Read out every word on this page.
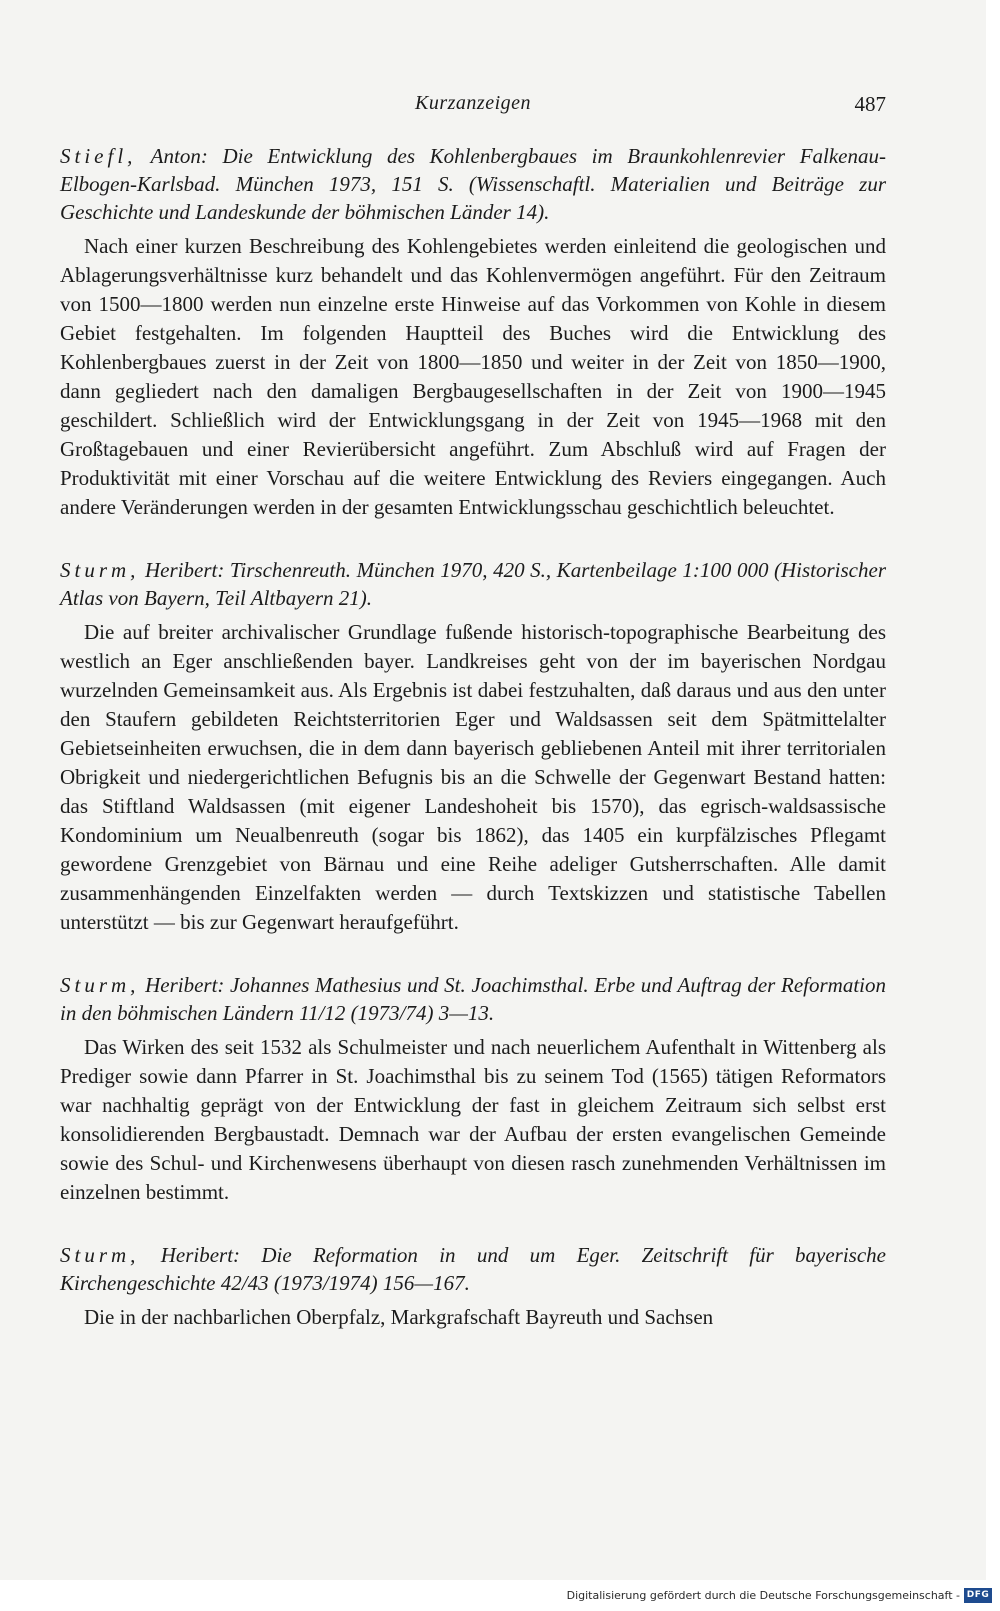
Kurzanzeigen	487

Stiefl, Anton: Die Entwicklung des Kohlenbergbaues im Braunkohlenrevier Falkenau-Elbogen-Karlsbad. München 1973, 151 S. (Wissenschaftl. Materialien und Beiträge zur Geschichte und Landeskunde der böhmischen Länder 14).

Nach einer kurzen Beschreibung des Kohlengebietes werden einleitend die geologischen und Ablagerungsverhältnisse kurz behandelt und das Kohlenvermögen angeführt. Für den Zeitraum von 1500—1800 werden nun einzelne erste Hinweise auf das Vorkommen von Kohle in diesem Gebiet festgehalten. Im folgenden Hauptteil des Buches wird die Entwicklung des Kohlenbergbaues zuerst in der Zeit von 1800—1850 und weiter in der Zeit von 1850—1900, dann gegliedert nach den damaligen Bergbaugesellschaften in der Zeit von 1900—1945 geschildert. Schließlich wird der Entwicklungsgang in der Zeit von 1945—1968 mit den Großtagebauen und einer Revierübersicht angeführt. Zum Abschluß wird auf Fragen der Produktivität mit einer Vorschau auf die weitere Entwicklung des Reviers eingegangen. Auch andere Veränderungen werden in der gesamten Entwicklungsschau geschichtlich beleuchtet.

Sturm, Heribert: Tirschenreuth. München 1970, 420 S., Kartenbeilage 1:100 000 (Historischer Atlas von Bayern, Teil Altbayern 21).

Die auf breiter archivalischer Grundlage fußende historisch-topographische Bearbeitung des westlich an Eger anschließenden bayer. Landkreises geht von der im bayerischen Nordgau wurzelnden Gemeinsamkeit aus. Als Ergebnis ist dabei festzuhalten, daß daraus und aus den unter den Staufern gebildeten Reichtsterritorien Eger und Waldsassen seit dem Spätmittelalter Gebietseinheiten erwuchsen, die in dem dann bayerisch gebliebenen Anteil mit ihrer territorialen Obrigkeit und niedergerichtlichen Befugnis bis an die Schwelle der Gegenwart Bestand hatten: das Stiftland Waldsassen (mit eigener Landeshoheit bis 1570), das egrisch-waldsassische Kondominium um Neualbenreuth (sogar bis 1862), das 1405 ein kurpfälzisches Pflegamt gewordene Grenzgebiet von Bärnau und eine Reihe adeliger Gutsherrschaften. Alle damit zusammenhängenden Einzelfakten werden — durch Textskizzen und statistische Tabellen unterstützt — bis zur Gegenwart heraufgeführt.

Sturm, Heribert: Johannes Mathesius und St. Joachimsthal. Erbe und Auftrag der Reformation in den böhmischen Ländern 11/12 (1973/74) 3—13.

Das Wirken des seit 1532 als Schulmeister und nach neuerlichem Aufenthalt in Wittenberg als Prediger sowie dann Pfarrer in St. Joachimsthal bis zu seinem Tod (1565) tätigen Reformators war nachhaltig geprägt von der Entwicklung der fast in gleichem Zeitraum sich selbst erst konsolidierenden Bergbaustadt. Demnach war der Aufbau der ersten evangelischen Gemeinde sowie des Schul- und Kirchenwesens überhaupt von diesen rasch zunehmenden Verhältnissen im einzelnen bestimmt.

Sturm, Heribert: Die Reformation in und um Eger. Zeitschrift für bayerische Kirchengeschichte 42/43 (1973/1974) 156—167.

Die in der nachbarlichen Oberpfalz, Markgrafschaft Bayreuth und Sachsen

Digitalisierung gefördert durch die Deutsche Forschungsgemeinschaft - DFG
